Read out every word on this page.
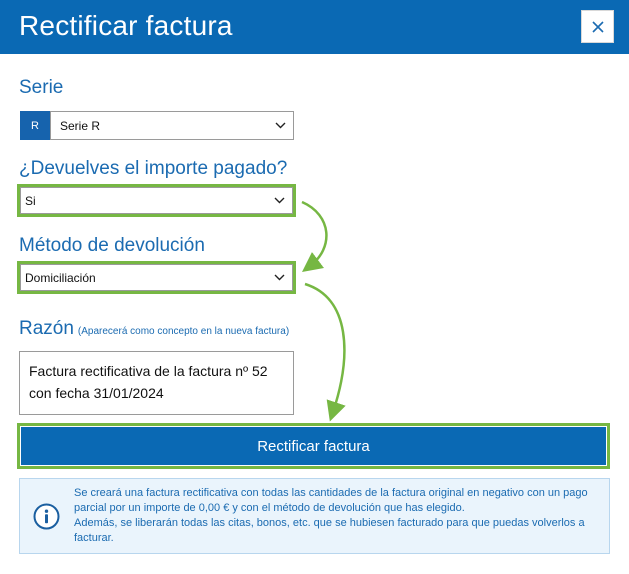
Rectificar factura
Serie
Serie R
R
¿Devuelves el importe pagado?
Si
Método de devolución
Domiciliación
Razón (Aparecerá como concepto en la nueva factura)
Factura rectificativa de la factura nº 52 con fecha 31/01/2024
Rectificar factura
Se creará una factura rectificativa con todas las cantidades de la factura original en negativo con un pago parcial por un importe de 0,00 € y con el método de devolución que has elegido.
Además, se liberarán todas las citas, bonos, etc. que se hubiesen facturado para que puedas volverlos a facturar.
